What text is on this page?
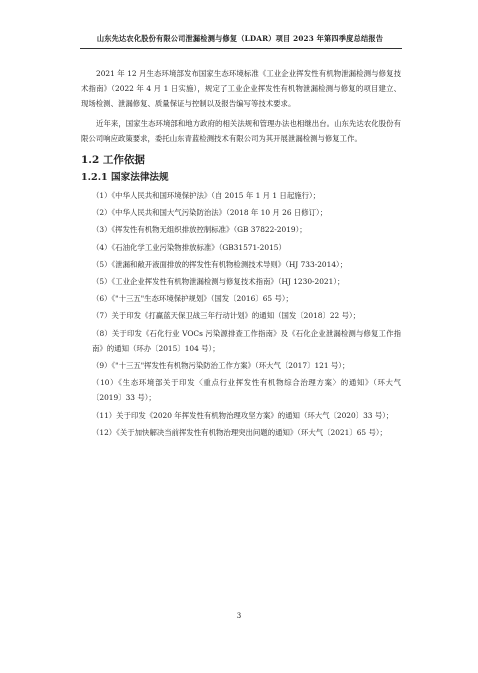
山东先达农化股份有限公司泄漏检测与修复（LDAR）项目 2023 年第四季度总结报告

2021 年 12 月生态环境部发布国家生态环境标准《工业企业挥发性有机物泄漏检测与修复技术指南》（2022 年 4 月 1 日实施），规定了工业企业挥发性有机物泄漏检测与修复的项目建立、现场检测、泄漏修复、质量保证与控制以及报告编写等技术要求。

近年来，国家生态环境部和地方政府的相关法规和管理办法也相继出台。山东先达农化股份有限公司响应政策要求，委托山东青蓝检测技术有限公司为其开展泄漏检测与修复工作。

1.2 工作依据
1.2.1 国家法律法规

（1）《中华人民共和国环境保护法》（自 2015 年 1 月 1 日起施行）；

（2）《中华人民共和国大气污染防治法》（2018 年 10 月 26 日修订）；

（3）《挥发性有机物无组织排放控制标准》（GB 37822-2019）；

（4）《石油化学工业污染物排放标准》（GB31571-2015）

（5）《泄漏和敞开液面排放的挥发性有机物检测技术导则》（HJ 733-2014）；

（5）《工业企业挥发性有机物泄漏检测与修复技术指南》（HJ 1230-2021）；

（6）《"十三五"生态环境保护规划》（国发〔2016〕65 号）；

（7）关于印发《打赢蓝天保卫战三年行动计划》的通知（国发〔2018〕22 号）；

（8）关于印发《石化行业 VOCs 污染源排查工作指南》及《石化企业泄漏检测与修复工作指南》的通知（环办〔2015〕104 号）；

（9）《"十三五"挥发性有机物污染防治工作方案》（环大气〔2017〕121 号）；

（10）《生态环境部关于印发〈重点行业挥发性有机物综合治理方案〉的通知》（环大气〔2019〕33 号）；

（11）关于印发《2020 年挥发性有机物治理攻坚方案》的通知（环大气〔2020〕33 号）；

（12）《关于加快解决当前挥发性有机物治理突出问题的通知》（环大气〔2021〕65 号）；

3
